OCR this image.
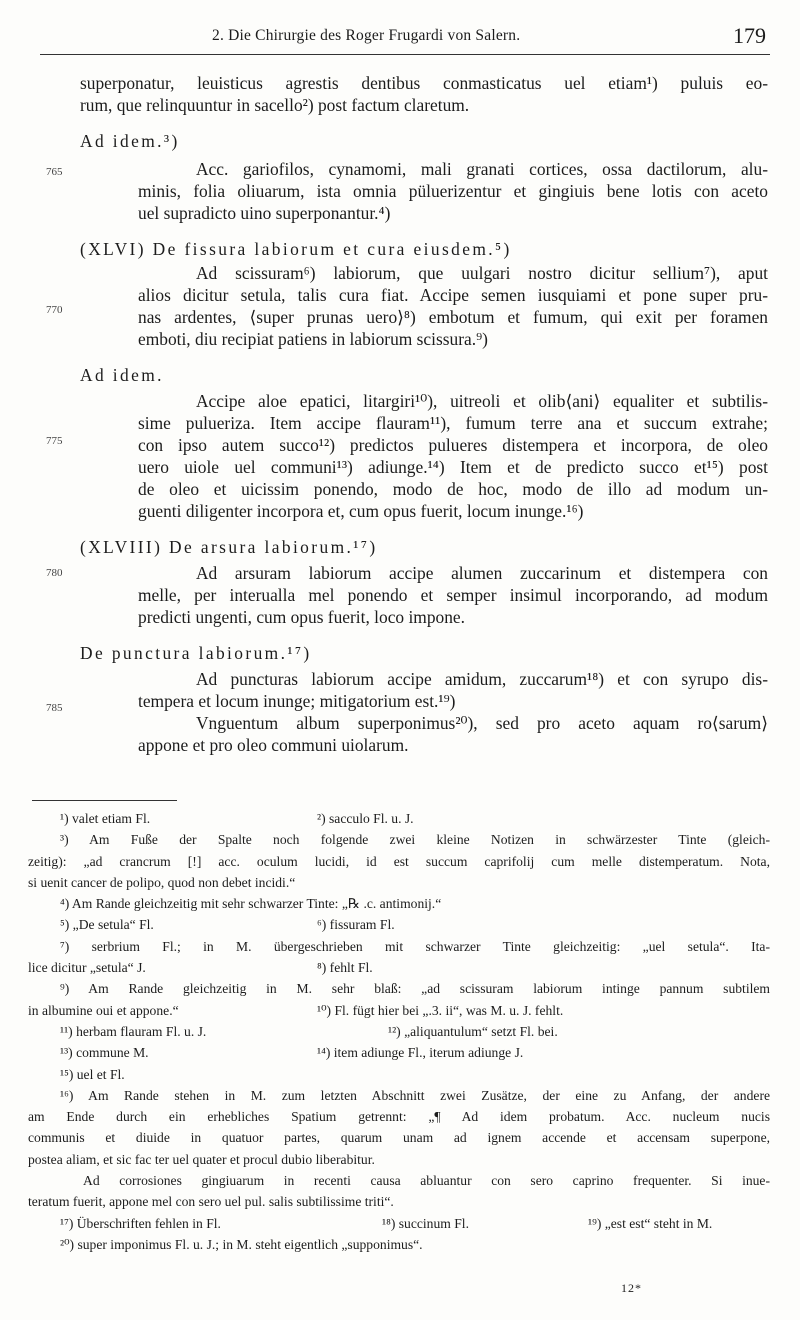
2. Die Chirurgie des Roger Frugardi von Salern.	179
765
770
775
780
785

superponatur, leuisticus agrestis dentibus conmasticatus uel etiam¹) puluis eo-
rum, que relinquuntur in sacello²) post factum claretum.

Ad idem.³)

Acc. gariofilos, cynamomi, mali granati cortices, ossa dactilorum, alu-
minis, folia oliuarum, ista omnia püluerizentur et gingiuis bene lotis con aceto
uel supradicto uino superponantur.⁴)

(XLVI) De fissura labiorum et cura eiusdem.⁵)

Ad scissuram⁶) labiorum, que uulgari nostro dicitur sellium⁷), aput
alios dicitur setula, talis cura fiat. Accipe semen iusquiami et pone super pru-
nas ardentes, ⟨super prunas uero⟩⁸) embotum et fumum, qui exit per foramen
emboti, diu recipiat patiens in labiorum scissura.⁹)

Ad idem.

Accipe aloe epatici, litargiri¹⁰), uitreoli et olib⟨ani⟩ equaliter et subtilis-
sime pulueriza. Item accipe flauram¹¹), fumum terre ana et succum extrahe;
con ipso autem succo¹²) predictos pulueres distempera et incorpora, de oleo
uero uiole uel communi¹³) adiunge.¹⁴) Item et de predicto succo et¹⁵) post
de oleo et uicissim ponendo, modo de hoc, modo de illo ad modum un-
guenti diligenter incorpora et, cum opus fuerit, locum inunge.¹⁶)

(XLVIII) De arsura labiorum.¹⁷)

Ad arsuram labiorum accipe alumen zuccarinum et distempera con
melle, per interualla mel ponendo et semper insimul incorporando, ad modum
predicti ungenti, cum opus fuerit, loco impone.

De punctura labiorum.¹⁷)

Ad puncturas labiorum accipe amidum, zuccarum¹⁸) et con syrupo dis-
tempera et locum inunge; mitigatorium est.¹⁹)

Vnguentum album superponimus²⁰), sed pro aceto aquam ro⟨sarum⟩
appone et pro oleo communi uiolarum.

¹) valet etiam Fl.	²) sacculo Fl. u. J.
³) Am Fuße der Spalte noch folgende zwei kleine Notizen in schwärzester Tinte (gleich-
zeitig): „ad crancrum [!] acc. oculum lucidi, id est succum caprifolij cum melle distemperatum. Nota,
si uenit cancer de polipo, quod non debet incidi.“
⁴) Am Rande gleichzeitig mit sehr schwarzer Tinte: „℞ .c. antimonij.“
⁵) „De setula“ Fl.	⁶) fissuram Fl.
⁷) serbrium Fl.; in M. übergeschrieben mit schwarzer Tinte gleichzeitig: „uel setula“. Ita-
lice dicitur „setula“ J.	⁸) fehlt Fl.
⁹) Am Rande gleichzeitig in M. sehr blaß: „ad scissuram labiorum intinge pannum subtilem
in albumine oui et appone.“	¹⁰) Fl. fügt hier bei „.3. ii“, was M. u. J. fehlt.
¹¹) herbam flauram Fl. u. J.	¹²) „aliquantulum“ setzt Fl. bei.
¹³) commune M.	¹⁴) item adiunge Fl., iterum adiunge J.
¹⁵) uel et Fl.
¹⁶) Am Rande stehen in M. zum letzten Abschnitt zwei Zusätze, der eine zu Anfang, der andere
am Ende durch ein erhebliches Spatium getrennt: „¶ Ad idem probatum. Acc. nucleum nucis
communis et diuide in quatuor partes, quarum unam ad ignem accende et accensam superpone,
postea aliam, et sic fac ter uel quater et procul dubio liberabitur.
Ad corrosiones gingiuarum in recenti causa abluantur con sero caprino frequenter. Si inue-
teratum fuerit, appone mel con sero uel pul. salis subtilissime triti“.
¹⁷) Überschriften fehlen in Fl.	¹⁸) succinum Fl.	¹⁹) „est est“ steht in M.
²⁰) super imponimus Fl. u. J.; in M. steht eigentlich „supponimus“.
12*
